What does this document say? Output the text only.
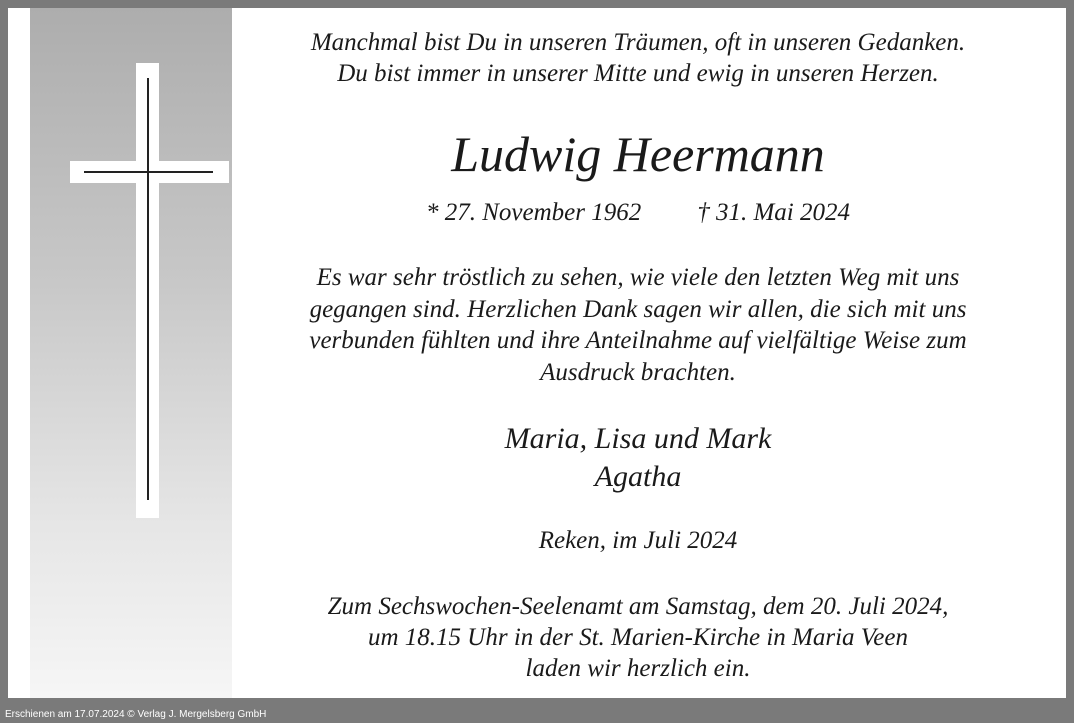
Manchmal bist Du in unseren Träumen, oft in unseren Gedanken.
Du bist immer in unserer Mitte und ewig in unseren Herzen.
Ludwig Heermann
* 27. November 1962 † 31. Mai 2024
Es war sehr tröstlich zu sehen, wie viele den letzten Weg mit uns
gegangen sind. Herzlichen Dank sagen wir allen, die sich mit uns
verbunden fühlten und ihre Anteilnahme auf vielfältige Weise zum
Ausdruck brachten.
Maria, Lisa und Mark
Agatha
Reken, im Juli 2024
Zum Sechswochen-Seelenamt am Samstag, dem 20. Juli 2024,
um 18.15 Uhr in der St. Marien-Kirche in Maria Veen
laden wir herzlich ein.
Erschienen am 17.07.2024 © Verlag J. Mergelsberg GmbH
